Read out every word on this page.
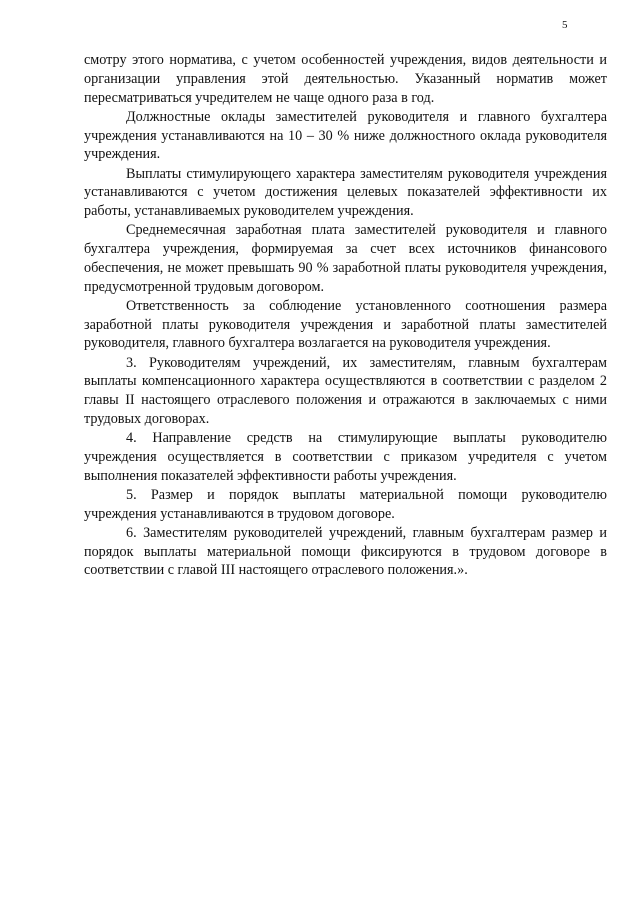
5

смотру этого норматива, с учетом особенностей учреждения, видов деятельности и организации управления этой деятельностью. Указанный норматив может пересматриваться учредителем не чаще одного раза в год.

Должностные оклады заместителей руководителя и главного бухгалтера учреждения устанавливаются на 10 – 30 % ниже должностного оклада руководителя учреждения.

Выплаты стимулирующего характера заместителям руководителя учреждения устанавливаются с учетом достижения целевых показателей эффективности их работы, устанавливаемых руководителем учреждения.

Среднемесячная заработная плата заместителей руководителя и главного бухгалтера учреждения, формируемая за счет всех источников финансового обеспечения, не может превышать 90 % заработной платы руководителя учреждения, предусмотренной трудовым договором.

Ответственность за соблюдение установленного соотношения размера заработной платы руководителя учреждения и заработной платы заместителей руководителя, главного бухгалтера возлагается на руководителя учреждения.

3. Руководителям учреждений, их заместителям, главным бухгалтерам выплаты компенсационного характера осуществляются в соответствии с разделом 2 главы II настоящего отраслевого положения и отражаются в заключаемых с ними трудовых договорах.

4. Направление средств на стимулирующие выплаты руководителю учреждения осуществляется в соответствии с приказом учредителя с учетом выполнения показателей эффективности работы учреждения.

5. Размер и порядок выплаты материальной помощи руководителю учреждения устанавливаются в трудовом договоре.

6. Заместителям руководителей учреждений, главным бухгалтерам размер и порядок выплаты материальной помощи фиксируются в трудовом договоре в соответствии с главой III настоящего отраслевого положения.».
